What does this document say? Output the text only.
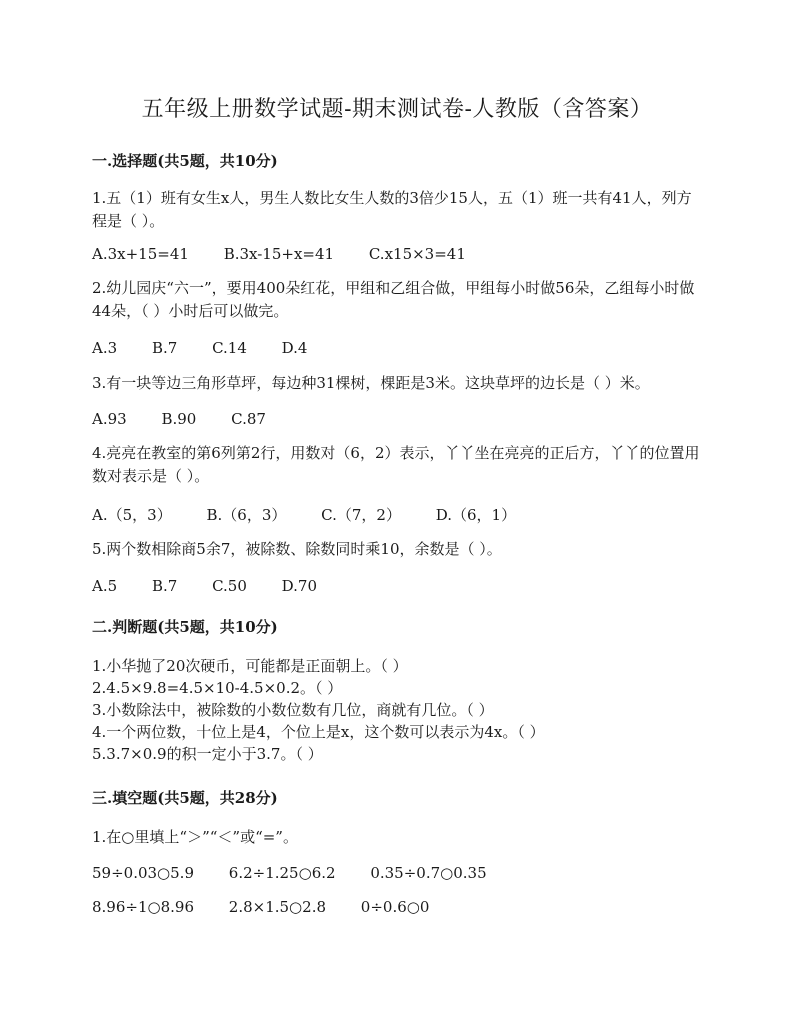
五年级上册数学试题-期末测试卷-人教版（含答案）
一.选择题(共5题，共10分)
1.五（1）班有女生x人，男生人数比女生人数的3倍少15人，五（1）班一共有41人，列方程是（ ）。
A.3x+15=41 B.3x-15+x=41 C.x15×3=41
2.幼儿园庆“六一”，要用400朵红花，甲组和乙组合做，甲组每小时做56朵，乙组每小时做44朵，（ ）小时后可以做完。
A.3 B.7 C.14 D.4
3.有一块等边三角形草坪，每边种31棵树，棵距是3米。这块草坪的边长是（ ）米。
A.93 B.90 C.87
4.亮亮在教室的第6列第2行，用数对（6，2）表示，丫丫坐在亮亮的正后方，丫丫的位置用数对表示是（ ）。
A.（5，3） B.（6，3） C.（7，2） D.（6，1）
5.两个数相除商5余7，被除数、除数同时乘10，余数是（ ）。
A.5 B.7 C.50 D.70
二.判断题(共5题，共10分)
1.小华抛了20次硬币，可能都是正面朝上。（ ）
2.4.5×9.8=4.5×10-4.5×0.2。（ ）
3.小数除法中，被除数的小数位数有几位，商就有几位。（ ）
4.一个两位数，十位上是4，个位上是x，这个数可以表示为4x。（ ）
5.3.7×0.9的积一定小于3.7。（ ）
三.填空题(共5题，共28分)
1.在○里填上“＞”“＜”或“=”。
59÷0.03○5.9 6.2÷1.25○6.2 0.35÷0.7○0.35
8.96÷1○8.96 2.8×1.5○2.8 0÷0.6○0
